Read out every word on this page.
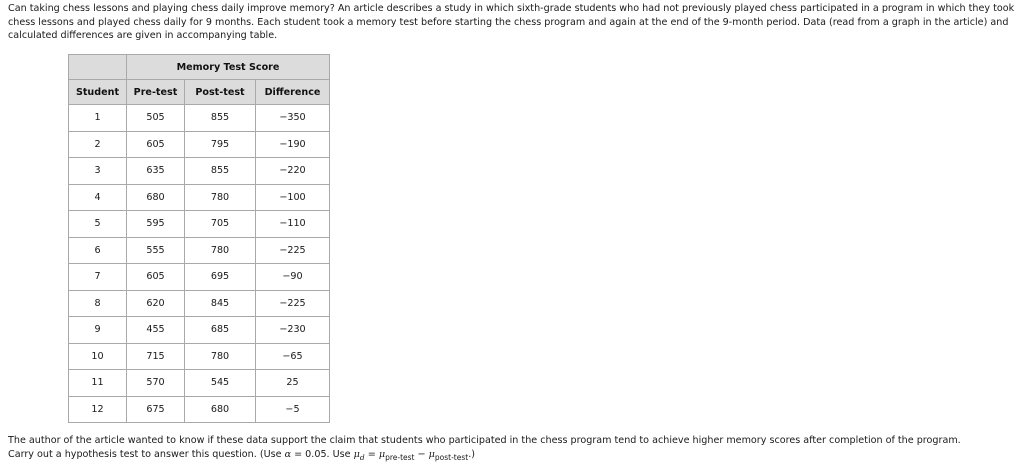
Can taking chess lessons and playing chess daily improve memory? An article describes a study in which sixth-grade students who had not previously played chess participated in a program in which they took chess lessons and played chess daily for 9 months. Each student took a memory test before starting the chess program and again at the end of the 9-month period. Data (read from a graph in the article) and calculated differences are given in accompanying table.

	Memory Test Score		
Student	Pre-test	Post-test	Difference
1	505	855	−350
2	605	795	−190
3	635	855	−220
4	680	780	−100
5	595	705	−110
6	555	780	−225
7	605	695	−90
8	620	845	−225
9	455	685	−230
10	715	780	−65
11	570	545	25
12	675	680	−5

The author of the article wanted to know if these data support the claim that students who participated in the chess program tend to achieve higher memory scores after completion of the program.
Carry out a hypothesis test to answer this question. (Use α = 0.05. Use $\mu_d = \mu_{pre-test} - \mu_{post-test}$.)
